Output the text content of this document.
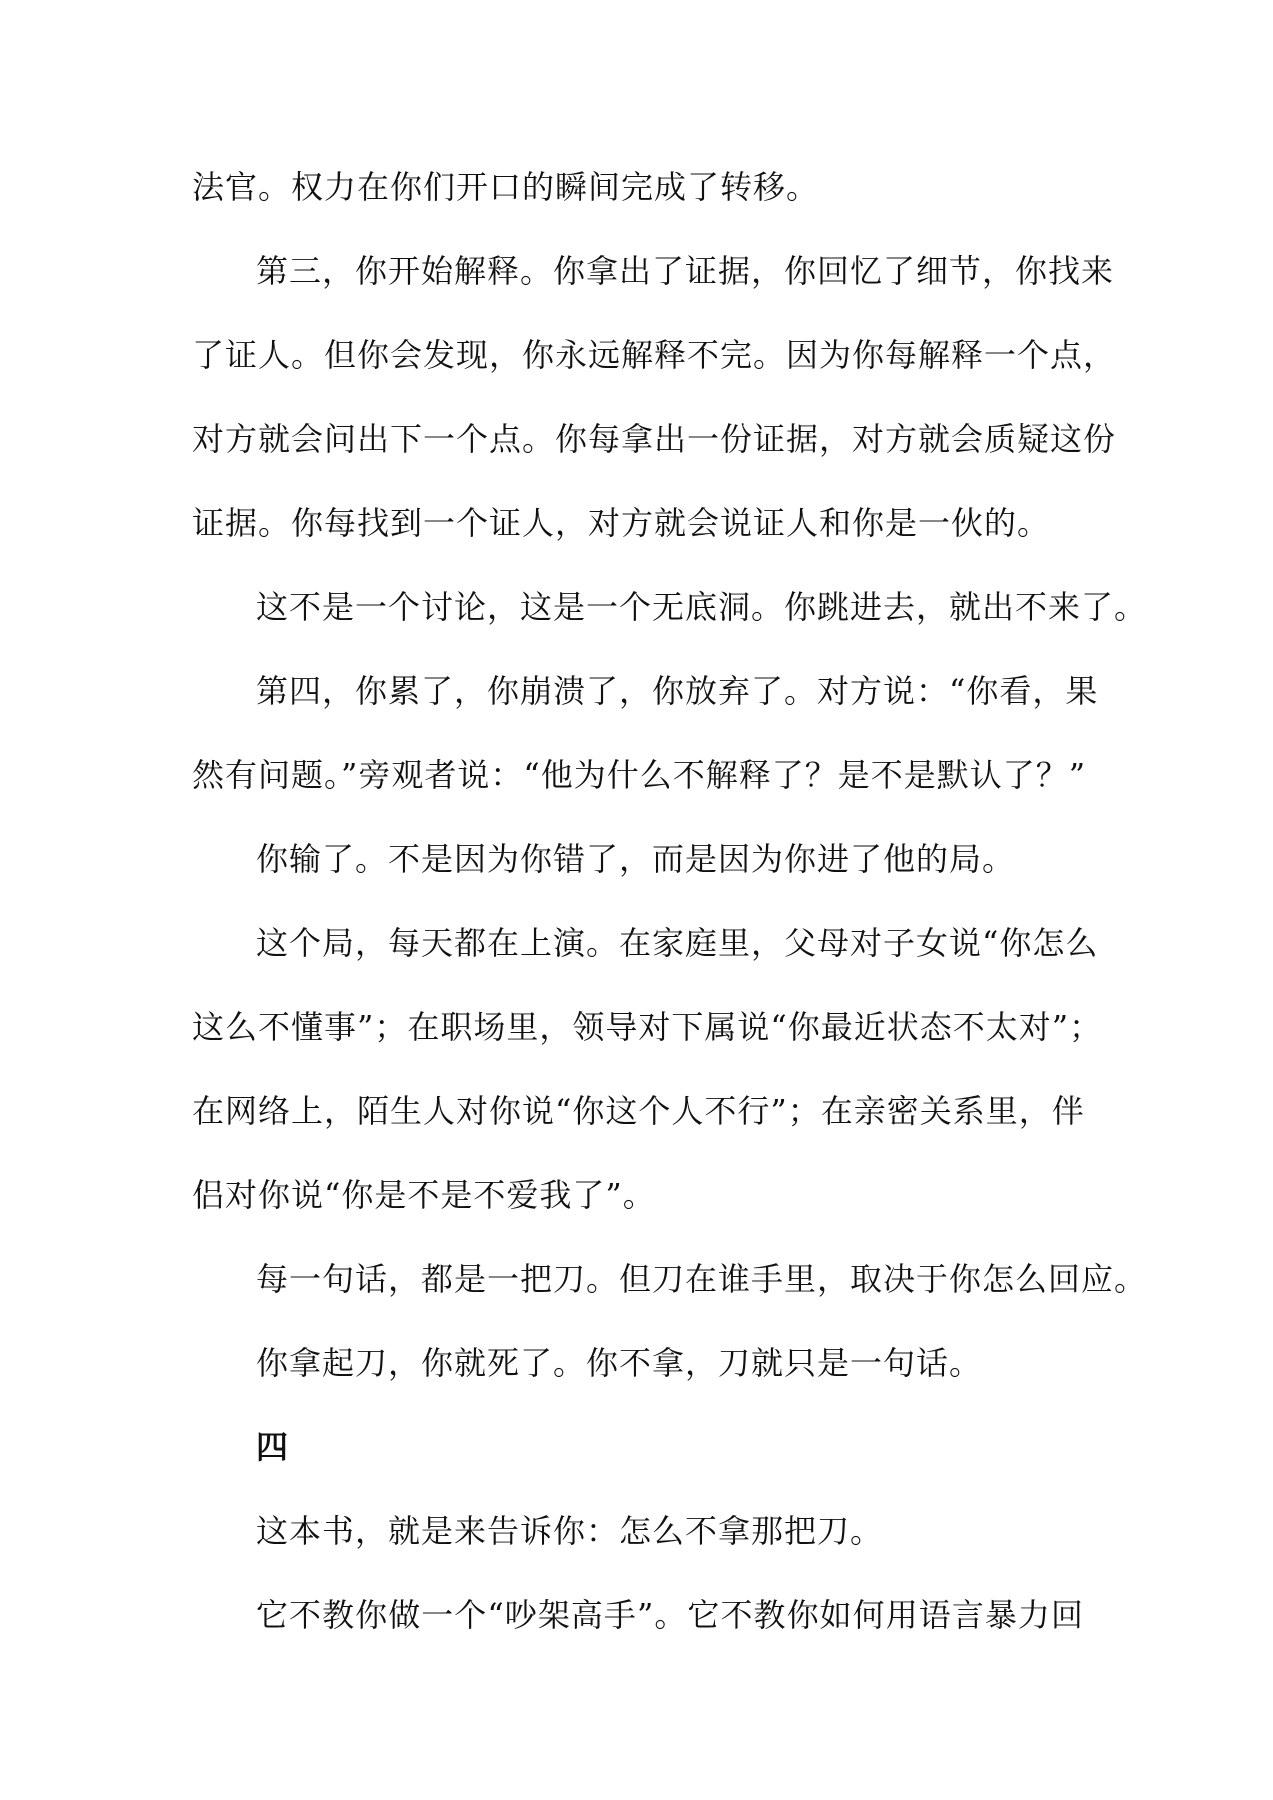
法官。权力在你们开口的瞬间完成了转移。
第三，你开始解释。你拿出了证据，你回忆了细节，你找来
了证人。但你会发现，你永远解释不完。因为你每解释一个点，
对方就会问出下一个点。你每拿出一份证据，对方就会质疑这份
证据。你每找到一个证人，对方就会说证人和你是一伙的。
这不是一个讨论，这是一个无底洞。你跳进去，就出不来了。
第四，你累了，你崩溃了，你放弃了。对方说：“你看，果
然有问题。”旁观者说：“他为什么不解释了？是不是默认了？”
你输了。不是因为你错了，而是因为你进了他的局。
这个局，每天都在上演。在家庭里，父母对子女说“你怎么
这么不懂事”；在职场里，领导对下属说“你最近状态不太对”；
在网络上，陌生人对你说“你这个人不行”；在亲密关系里，伴
侣对你说“你是不是不爱我了”。
每一句话，都是一把刀。但刀在谁手里，取决于你怎么回应。
你拿起刀，你就死了。你不拿，刀就只是一句话。
四
这本书，就是来告诉你：怎么不拿那把刀。
它不教你做一个“吵架高手”。它不教你如何用语言暴力回
